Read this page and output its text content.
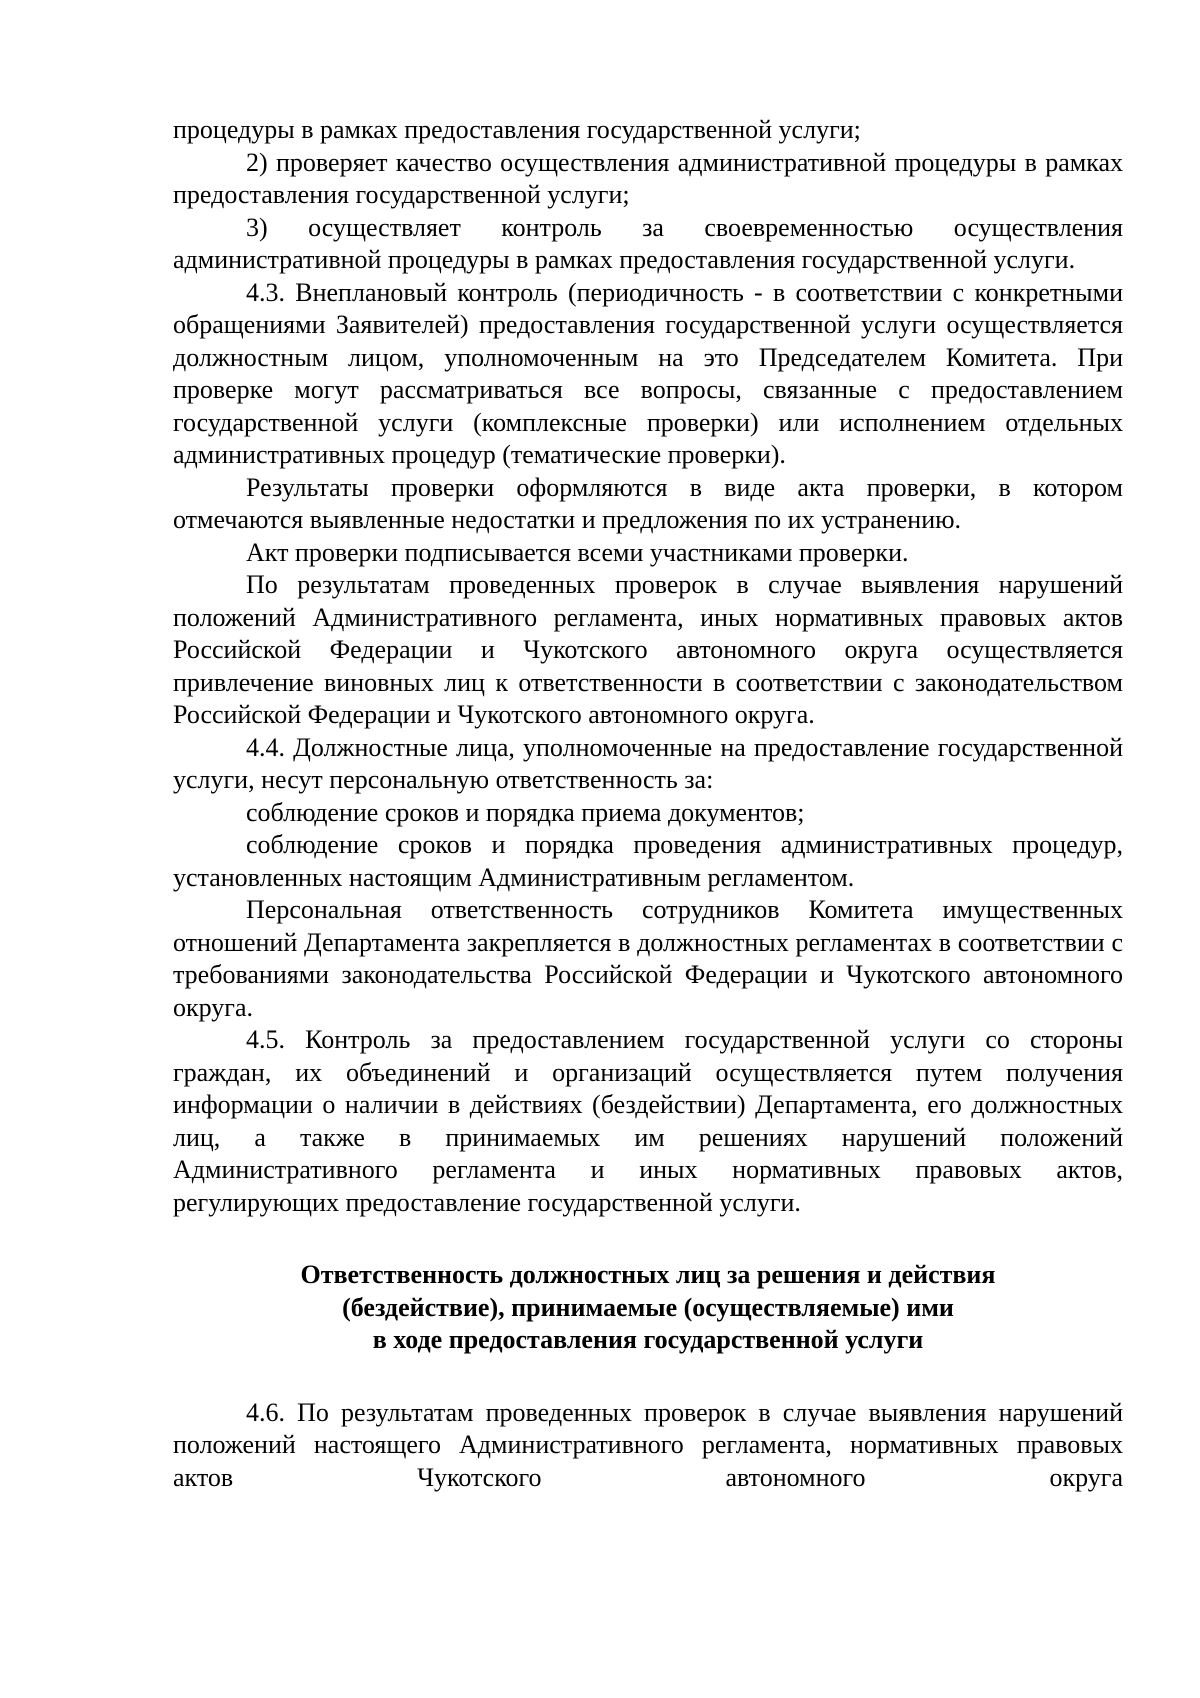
процедуры в рамках предоставления государственной услуги;

2) проверяет качество осуществления административной процедуры в рамках предоставления государственной услуги;

3) осуществляет контроль за своевременностью осуществления административной процедуры в рамках предоставления государственной услуги.

4.3. Внеплановый контроль (периодичность - в соответствии с конкретными обращениями Заявителей) предоставления государственной услуги осуществляется должностным лицом, уполномоченным на это Председателем Комитета. При проверке могут рассматриваться все вопросы, связанные с предоставлением государственной услуги (комплексные проверки) или исполнением отдельных административных процедур (тематические проверки).

Результаты проверки оформляются в виде акта проверки, в котором отмечаются выявленные недостатки и предложения по их устранению.

Акт проверки подписывается всеми участниками проверки.

По результатам проведенных проверок в случае выявления нарушений положений Административного регламента, иных нормативных правовых актов Российской Федерации и Чукотского автономного округа осуществляется привлечение виновных лиц к ответственности в соответствии с законодательством Российской Федерации и Чукотского автономного округа.

4.4. Должностные лица, уполномоченные на предоставление государственной услуги, несут персональную ответственность за:

соблюдение сроков и порядка приема документов;

соблюдение сроков и порядка проведения административных процедур, установленных настоящим Административным регламентом.

Персональная ответственность сотрудников Комитета имущественных отношений Департамента закрепляется в должностных регламентах в соответствии с требованиями законодательства Российской Федерации и Чукотского автономного округа.

4.5. Контроль за предоставлением государственной услуги со стороны граждан, их объединений и организаций осуществляется путем получения информации о наличии в действиях (бездействии) Департамента, его должностных лиц, а также в принимаемых им решениях нарушений положений Административного регламента и иных нормативных правовых актов, регулирующих предоставление государственной услуги.

Ответственность должностных лиц за решения и действия
(бездействие), принимаемые (осуществляемые) ими
в ходе предоставления государственной услуги

4.6. По результатам проведенных проверок в случае выявления нарушений положений настоящего Административного регламента, нормативных правовых актов Чукотского автономного округа
